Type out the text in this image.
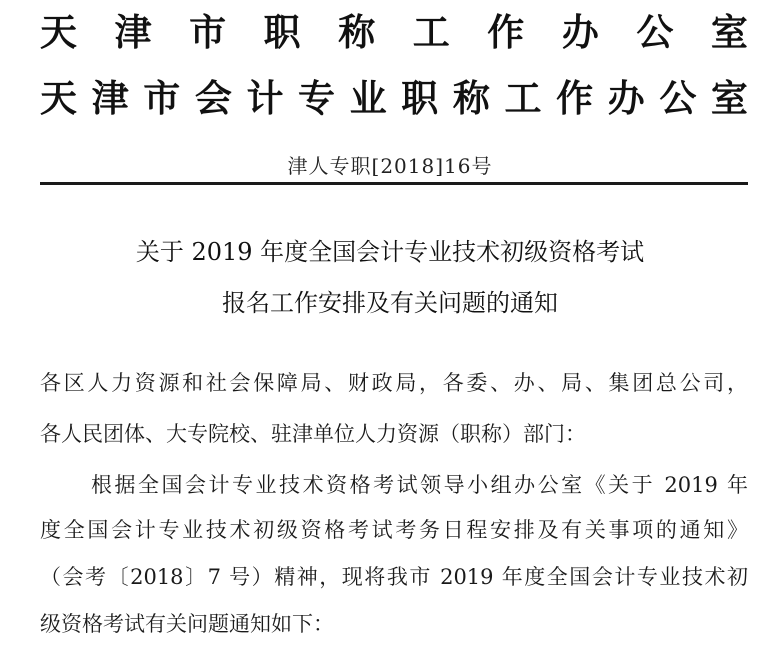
天 津 市 职 称 工 作 办 公 室
天 津 市 会 计 专 业 职 称 工 作 办 公 室
津人专职[2018]16号
关于 2019 年度全国会计专业技术初级资格考试
报名工作安排及有关问题的通知
各区人力资源和社会保障局、财政局，各委、办、局、集团总公司，
各人民团体、大专院校、驻津单位人力资源（职称）部门：
根据全国会计专业技术资格考试领导小组办公室《关于 2019 年
度全国会计专业技术初级资格考试考务日程安排及有关事项的通知》
（会考〔2018〕7 号）精神，现将我市 2019 年度全国会计专业技术初
级资格考试有关问题通知如下：
